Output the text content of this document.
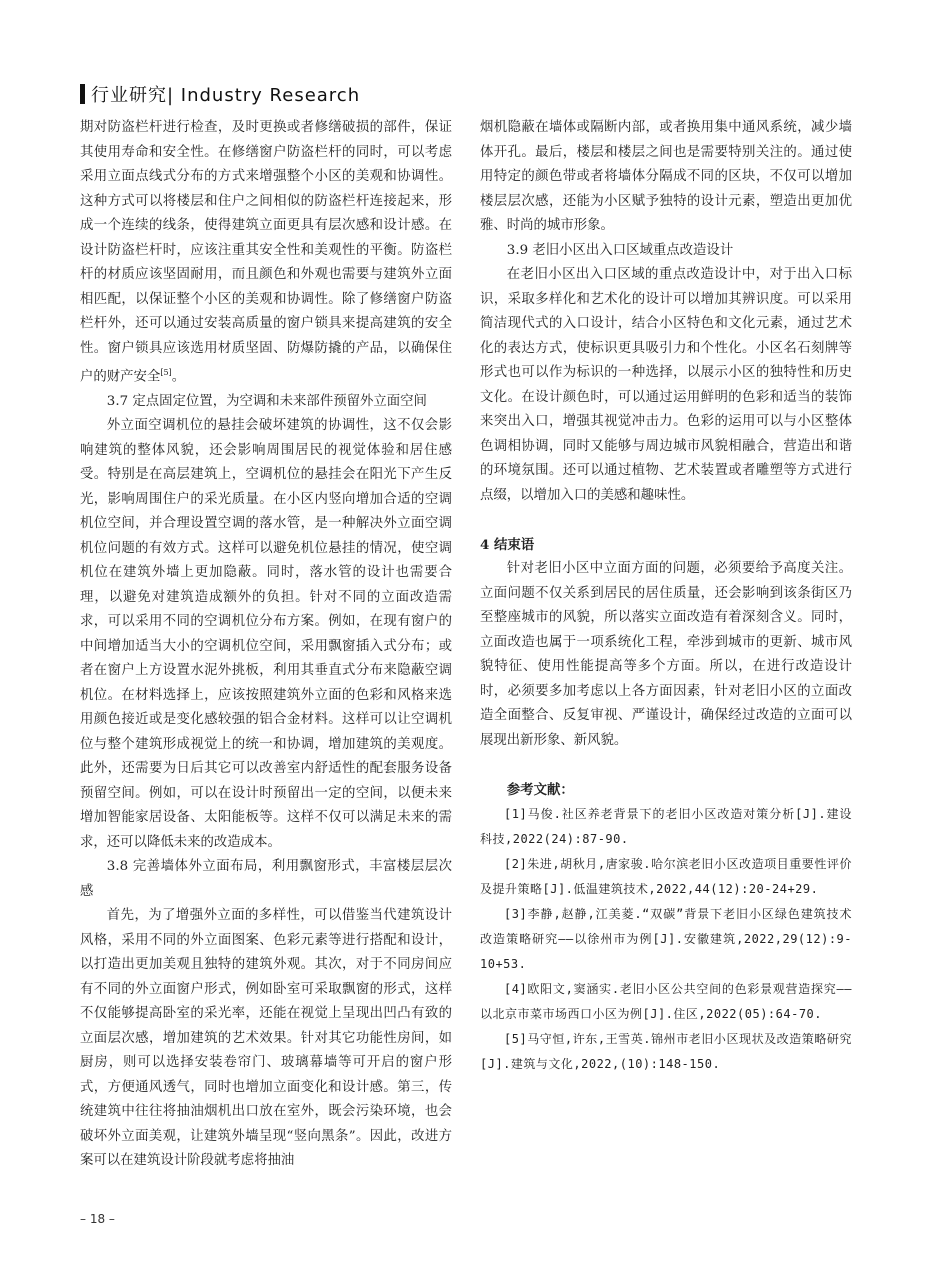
行业研究| Industry Research

期对防盗栏杆进行检查，及时更换或者修缮破损的部件，保证其使用寿命和安全性。在修缮窗户防盗栏杆的同时，可以考虑采用立面点线式分布的方式来增强整个小区的美观和协调性。这种方式可以将楼层和住户之间相似的防盗栏杆连接起来，形成一个连续的线条，使得建筑立面更具有层次感和设计感。在设计防盗栏杆时，应该注重其安全性和美观性的平衡。防盗栏杆的材质应该坚固耐用，而且颜色和外观也需要与建筑外立面相匹配，以保证整个小区的美观和协调性。除了修缮窗户防盗栏杆外，还可以通过安装高质量的窗户锁具来提高建筑的安全性。窗户锁具应该选用材质坚固、防爆防撬的产品，以确保住户的财产安全[5]。

3.7 定点固定位置，为空调和未来部件预留外立面空间

外立面空调机位的悬挂会破坏建筑的协调性，这不仅会影响建筑的整体风貌，还会影响周围居民的视觉体验和居住感受。特别是在高层建筑上，空调机位的悬挂会在阳光下产生反光，影响周围住户的采光质量。在小区内竖向增加合适的空调机位空间，并合理设置空调的落水管，是一种解决外立面空调机位问题的有效方式。这样可以避免机位悬挂的情况，使空调机位在建筑外墙上更加隐蔽。同时，落水管的设计也需要合理，以避免对建筑造成额外的负担。针对不同的立面改造需求，可以采用不同的空调机位分布方案。例如，在现有窗户的中间增加适当大小的空调机位空间，采用飘窗插入式分布；或者在窗户上方设置水泥外挑板，利用其垂直式分布来隐蔽空调机位。在材料选择上，应该按照建筑外立面的色彩和风格来选用颜色接近或是变化感较强的铝合金材料。这样可以让空调机位与整个建筑形成视觉上的统一和协调，增加建筑的美观度。此外，还需要为日后其它可以改善室内舒适性的配套服务设备预留空间。例如，可以在设计时预留出一定的空间，以便未来增加智能家居设备、太阳能板等。这样不仅可以满足未来的需求，还可以降低未来的改造成本。

3.8 完善墙体外立面布局，利用飘窗形式，丰富楼层层次感

首先，为了增强外立面的多样性，可以借鉴当代建筑设计风格，采用不同的外立面图案、色彩元素等进行搭配和设计，以打造出更加美观且独特的建筑外观。其次，对于不同房间应有不同的外立面窗户形式，例如卧室可采取飘窗的形式，这样不仅能够提高卧室的采光率，还能在视觉上呈现出凹凸有致的立面层次感，增加建筑的艺术效果。针对其它功能性房间，如厨房，则可以选择安装卷帘门、玻璃幕墙等可开启的窗户形式，方便通风透气，同时也增加立面变化和设计感。第三，传统建筑中往往将抽油烟机出口放在室外，既会污染环境，也会破坏外立面美观，让建筑外墙呈现“竖向黑条”。因此，改进方案可以在建筑设计阶段就考虑将抽油

烟机隐蔽在墙体或隔断内部，或者换用集中通风系统，减少墙体开孔。最后，楼层和楼层之间也是需要特别关注的。通过使用特定的颜色带或者将墙体分隔成不同的区块，不仅可以增加楼层层次感，还能为小区赋予独特的设计元素，塑造出更加优雅、时尚的城市形象。

3.9 老旧小区出入口区域重点改造设计

在老旧小区出入口区域的重点改造设计中，对于出入口标识，采取多样化和艺术化的设计可以增加其辨识度。可以采用简洁现代式的入口设计，结合小区特色和文化元素，通过艺术化的表达方式，使标识更具吸引力和个性化。小区名石刻牌等形式也可以作为标识的一种选择，以展示小区的独特性和历史文化。在设计颜色时，可以通过运用鲜明的色彩和适当的装饰来突出入口，增强其视觉冲击力。色彩的运用可以与小区整体色调相协调，同时又能够与周边城市风貌相融合，营造出和谐的环境氛围。还可以通过植物、艺术装置或者雕塑等方式进行点缀，以增加入口的美感和趣味性。

4 结束语

针对老旧小区中立面方面的问题，必须要给予高度关注。立面问题不仅关系到居民的居住质量，还会影响到该条街区乃至整座城市的风貌，所以落实立面改造有着深刻含义。同时，立面改造也属于一项系统化工程，牵涉到城市的更新、城市风貌特征、使用性能提高等多个方面。所以，在进行改造设计时，必须要多加考虑以上各方面因素，针对老旧小区的立面改造全面整合、反复审视、严谨设计，确保经过改造的立面可以展现出新形象、新风貌。

参考文献：

[1]马俊.社区养老背景下的老旧小区改造对策分析[J].建设科技,2022(24):87-90.
[2]朱进,胡秋月,唐家骏.哈尔滨老旧小区改造项目重要性评价及提升策略[J].低温建筑技术,2022,44(12):20-24+29.
[3]李静,赵静,江美菱.“双碳”背景下老旧小区绿色建筑技术改造策略研究——以徐州市为例[J].安徽建筑,2022,29(12):9-10+53.
[4]欧阳文,窦涵实.老旧小区公共空间的色彩景观营造探究——以北京市菜市场西口小区为例[J].住区,2022(05):64-70.
[5]马守恒,许东,王雪英.锦州市老旧小区现状及改造策略研究[J].建筑与文化,2022,(10):148-150.
– 18 –
